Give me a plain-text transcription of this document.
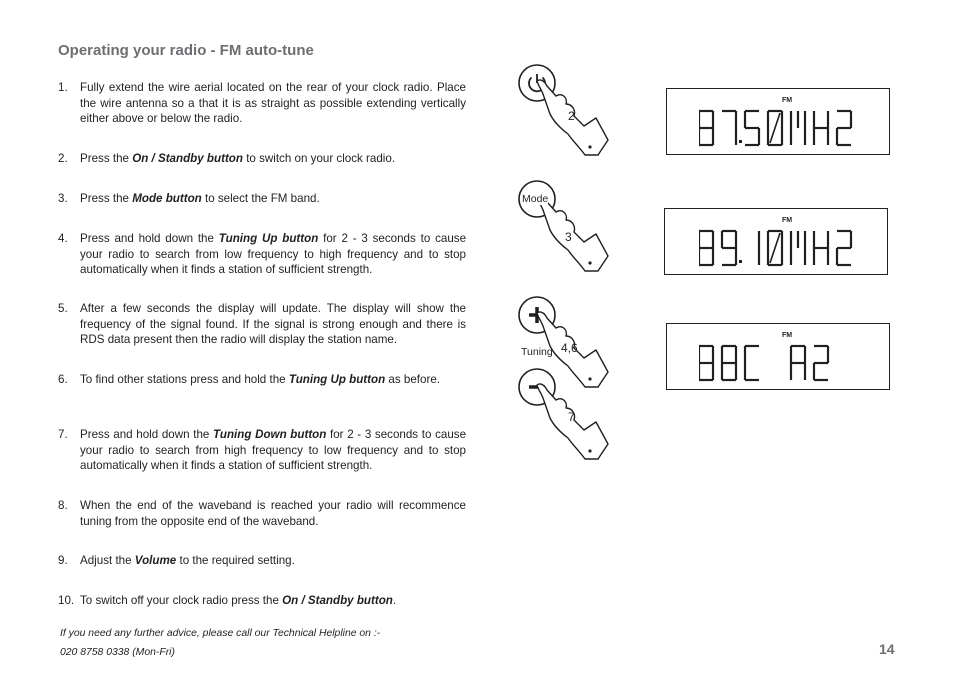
Operating your radio - FM auto-tune
1. Fully extend the wire aerial located on the rear of your clock radio. Place the wire antenna so a that it is as straight as possible extending vertically either above or below the radio.
2. Press the On / Standby button to switch on your clock radio.
3. Press the Mode button to select the FM band.
4. Press and hold down the Tuning Up button for 2 - 3 seconds to cause your radio to search from low frequency to high frequency and to stop automatically when it finds a station of sufficient strength.
5. After a few seconds the display will update. The display will show the frequency of the signal found. If the signal is strong enough and there is RDS data present then the radio will display the station name.
6. To find other stations press and hold the Tuning Up button as before.
7. Press and hold down the Tuning Down button for 2 - 3 seconds to cause your radio to search from high frequency to low frequency and to stop automatically when it finds a station of sufficient strength.
8. When the end of the waveband is reached your radio will recommence tuning from the opposite end of the waveband.
9. Adjust the Volume to the required setting.
10. To switch off your clock radio press the On / Standby button.
If you need any further advice, please call our Technical Helpline on :-
020 8758 0338 (Mon-Fri)	14
2
Mode
3
Tuning 4,6
7
FM
FM
FM
